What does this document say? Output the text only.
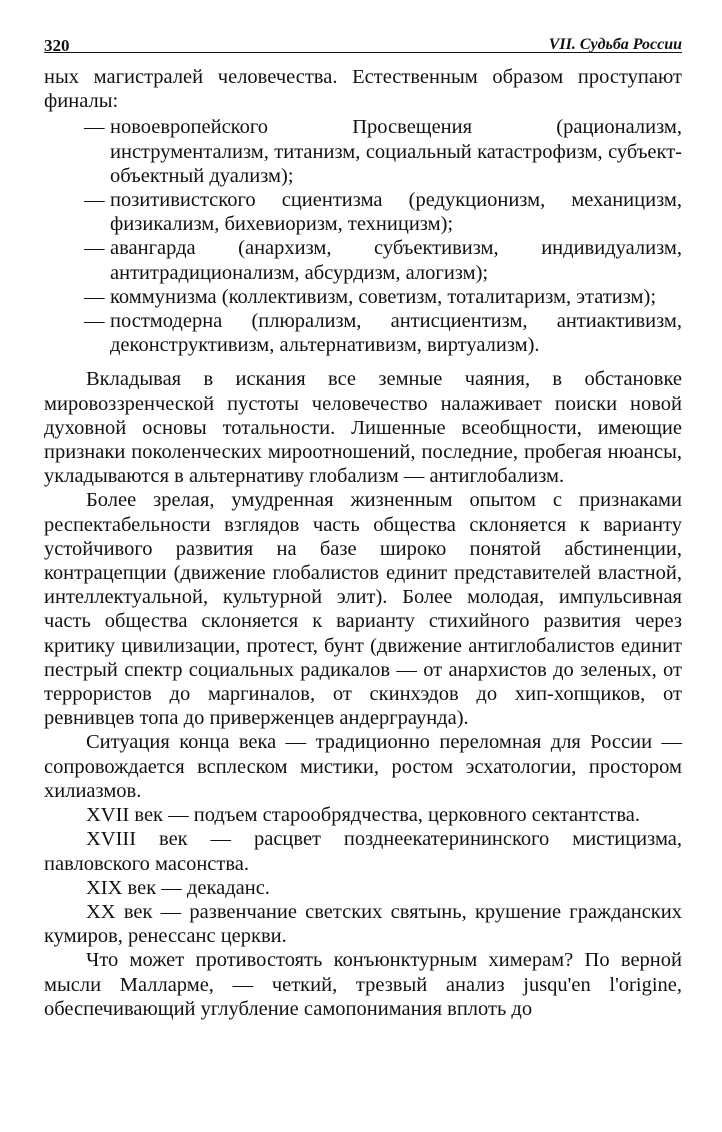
320	VII. Судьба России

ных магистралей человечества. Естественным образом проступают финалы:

— новоевропейского Просвещения (рационализм, инструментализм, титанизм, социальный катастрофизм, субъект-объектный дуализм);
— позитивистского сциентизма (редукционизм, механицизм, физикализм, бихевиоризм, техницизм);
— авангарда (анархизм, субъективизм, индивидуализм, антитрадиционализм, абсурдизм, алогизм);
— коммунизма (коллективизм, советизм, тоталитаризм, этатизм);
— постмодерна (плюрализм, антисциентизм, антиактивизм, деконструктивизм, альтернативизм, виртуализм).

Вкладывая в искания все земные чаяния, в обстановке мировоззренческой пустоты человечество налаживает поиски новой духовной основы тотальности. Лишенные всеобщности, имеющие признаки поколенческих мироотношений, последние, пробегая нюансы, укладываются в альтернативу глобализм — антиглобализм.

Более зрелая, умудренная жизненным опытом с признаками респектабельности взглядов часть общества склоняется к варианту устойчивого развития на базе широко понятой абстиненции, контрацепции (движение глобалистов единит представителей властной, интеллектуальной, культурной элит). Более молодая, импульсивная часть общества склоняется к варианту стихийного развития через критику цивилизации, протест, бунт (движение антиглобалистов единит пестрый спектр социальных радикалов — от анархистов до зеленых, от террористов до маргиналов, от скинхэдов до хип-хопщиков, от ревнивцев топа до приверженцев андерграунда).

Ситуация конца века — традиционно переломная для России — сопровождается всплеском мистики, ростом эсхатологии, простором хилиазмов.

XVII век — подъем старообрядчества, церковного сектантства.

XVIII век — расцвет позднеекатерининского мистицизма, павловского масонства.

XIX век — декаданс.

XX век — развенчание светских святынь, крушение гражданских кумиров, ренессанс церкви.

Что может противостоять конъюнктурным химерам? По верной мысли Малларме, — четкий, трезвый анализ jusqu'en l'origine, обеспечивающий углубление самопонимания вплоть до
